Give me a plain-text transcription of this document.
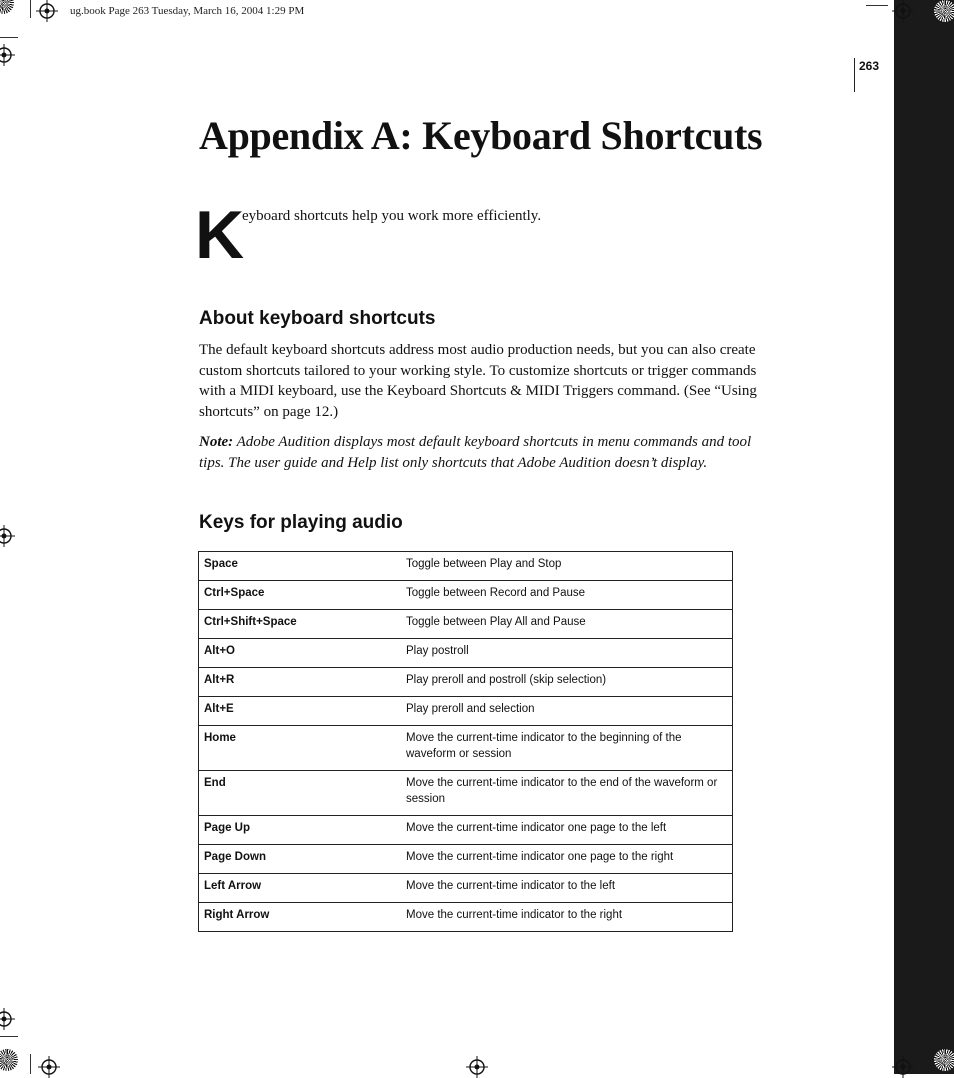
ug.book Page 263 Tuesday, March 16, 2004 1:29 PM
263
Appendix A: Keyboard Shortcuts
K eyboard shortcuts help you work more efficiently.
About keyboard shortcuts

The default keyboard shortcuts address most audio production needs, but you can also create custom shortcuts tailored to your working style. To customize shortcuts or trigger commands with a MIDI keyboard, use the Keyboard Shortcuts & MIDI Triggers command. (See “Using shortcuts” on page 12.)

Note: Adobe Audition displays most default keyboard shortcuts in menu commands and tool tips. The user guide and Help list only shortcuts that Adobe Audition doesn’t display.

Keys for playing audio
Space	Toggle between Play and Stop
Ctrl+Space	Toggle between Record and Pause
Ctrl+Shift+Space	Toggle between Play All and Pause
Alt+O	Play postroll
Alt+R	Play preroll and postroll (skip selection)
Alt+E	Play preroll and selection
Home	Move the current-time indicator to the beginning of the waveform or session
End	Move the current-time indicator to the end of the waveform or session
Page Up	Move the current-time indicator one page to the left
Page Down	Move the current-time indicator one page to the right
Left Arrow	Move the current-time indicator to the left
Right Arrow	Move the current-time indicator to the right
